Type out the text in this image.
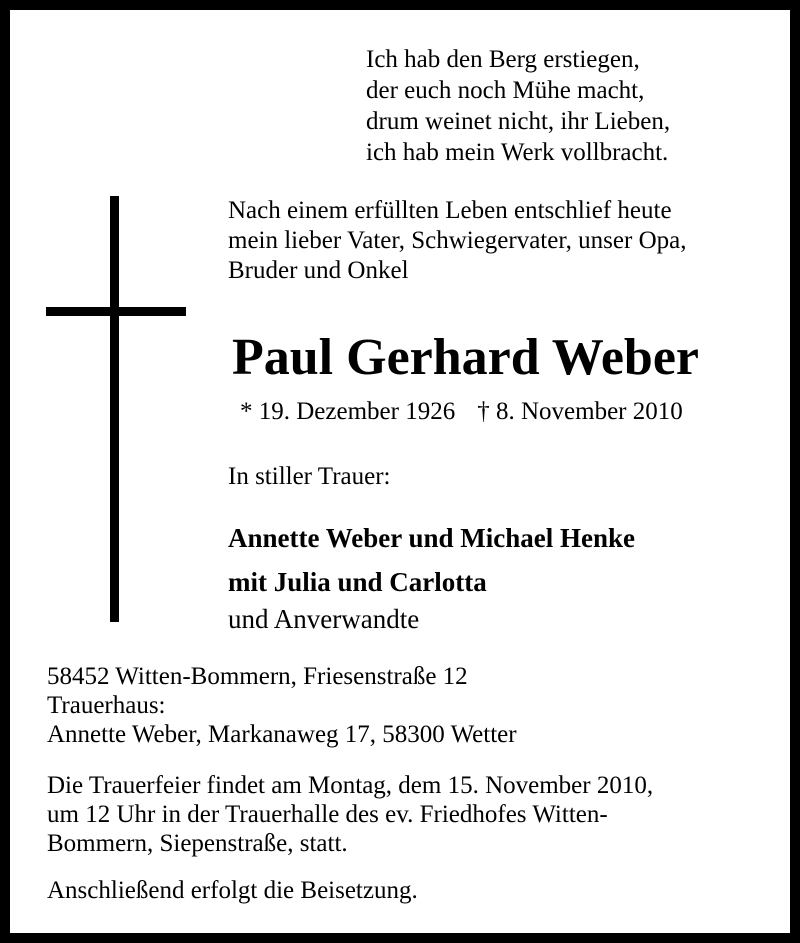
Ich hab den Berg erstiegen,
der euch noch Mühe macht,
drum weinet nicht, ihr Lieben,
ich hab mein Werk vollbracht.
Nach einem erfüllten Leben entschlief heute
mein lieber Vater, Schwiegervater, unser Opa,
Bruder und Onkel
Paul Gerhard Weber
* 19. Dezember 1926 † 8. November 2010
In stiller Trauer:
Annette Weber und Michael Henke
mit Julia und Carlotta
und Anverwandte
58452 Witten-Bommern, Friesenstraße 12
Trauerhaus:
Annette Weber, Markanaweg 17, 58300 Wetter
Die Trauerfeier findet am Montag, dem 15. November 2010,
um 12 Uhr in der Trauerhalle des ev. Friedhofes Witten-
Bommern, Siepenstraße, statt.
Anschließend erfolgt die Beisetzung.
